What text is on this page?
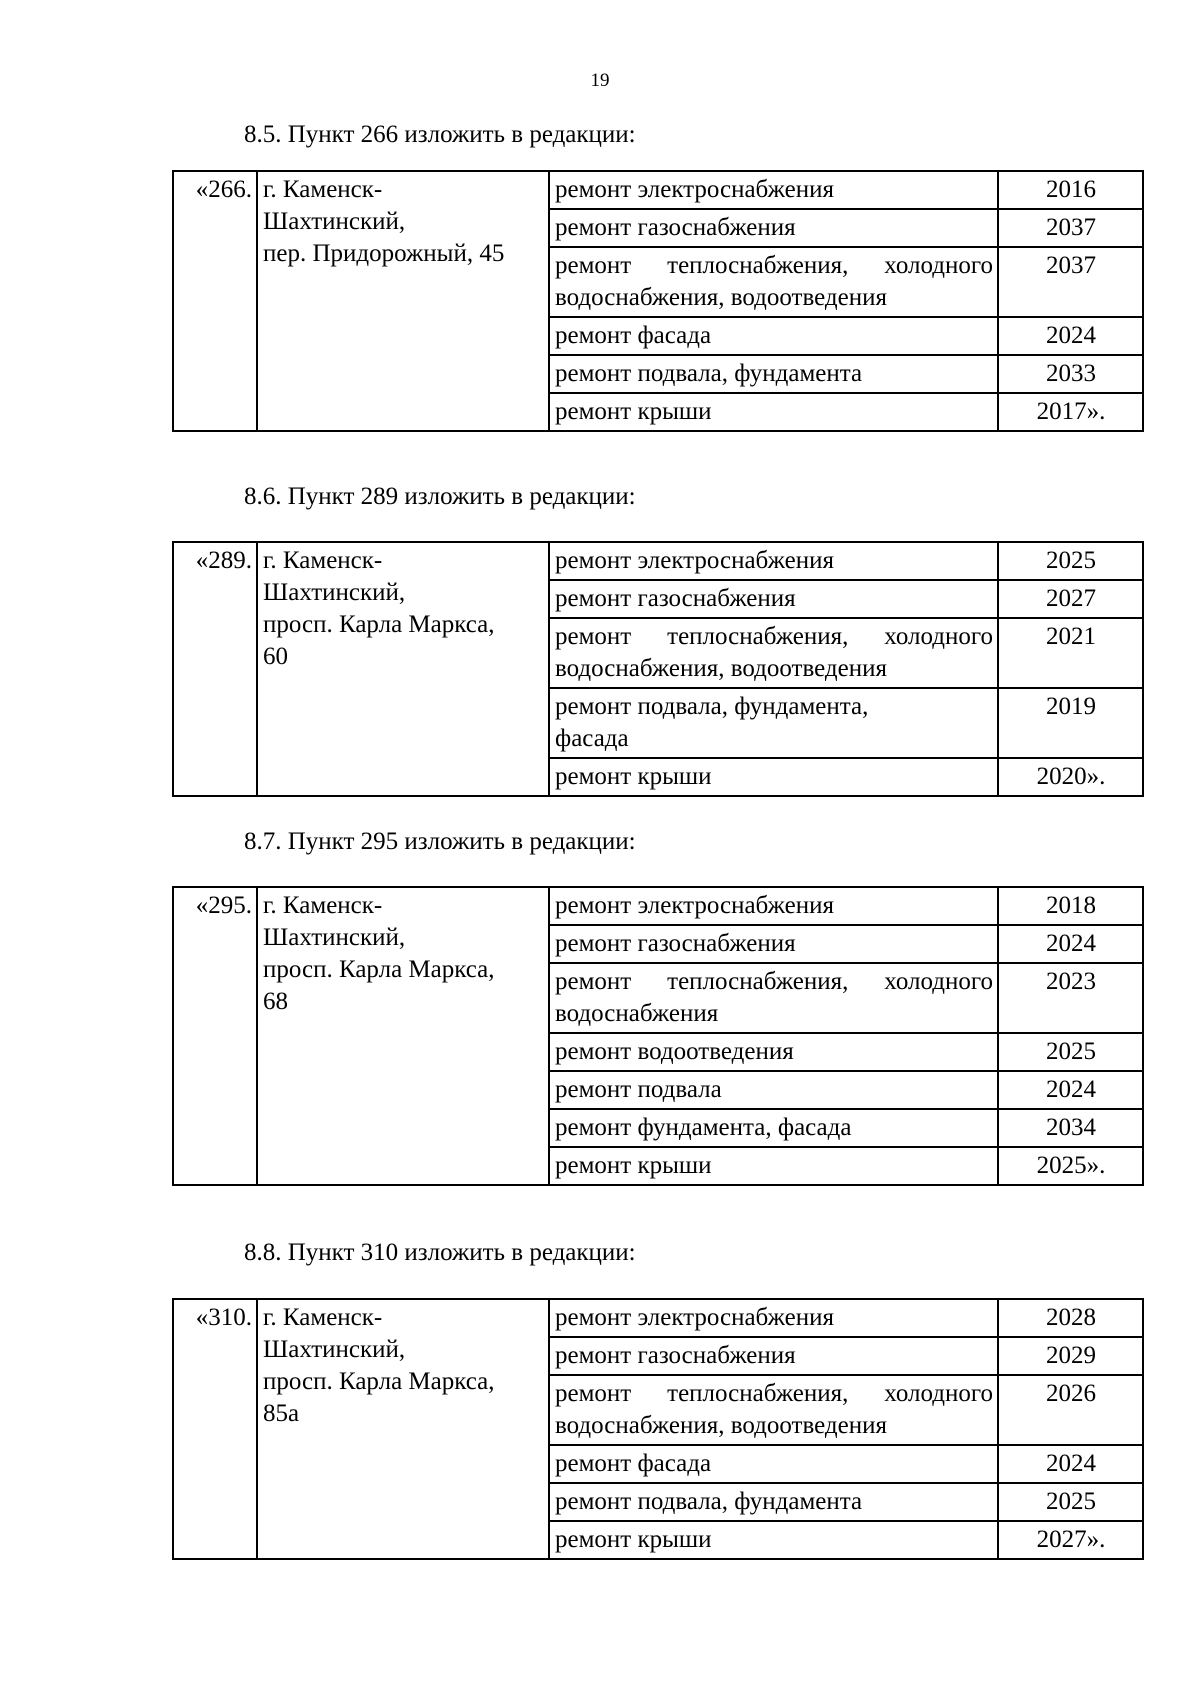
19
8.5. Пункт 266 изложить в редакции:
«266.	г. Каменск-
Шахтинский,
пер. Придорожный, 45	ремонт электроснабжения	2016
		ремонт газоснабжения	2037
		ремонт теплоснабжения, холодного водоснабжения, водоотведения	2037
		ремонт фасада	2024
		ремонт подвала, фундамента	2033
		ремонт крыши	2017».
8.6. Пункт 289 изложить в редакции:
«289.	г. Каменск-
Шахтинский,
просп. Карла Маркса,
60	ремонт электроснабжения	2025
		ремонт газоснабжения	2027
		ремонт теплоснабжения, холодного водоснабжения, водоотведения	2021
		ремонт подвала, фундамента,
фасада	2019
		ремонт крыши	2020».
8.7. Пункт 295 изложить в редакции:
«295.	г. Каменск-
Шахтинский,
просп. Карла Маркса,
68	ремонт электроснабжения	2018
		ремонт газоснабжения	2024
		ремонт теплоснабжения, холодного водоснабжения	2023
		ремонт водоотведения	2025
		ремонт подвала	2024
		ремонт фундамента, фасада	2034
		ремонт крыши	2025».
8.8. Пункт 310 изложить в редакции:
«310.	г. Каменск-
Шахтинский,
просп. Карла Маркса,
85а	ремонт электроснабжения	2028
		ремонт газоснабжения	2029
		ремонт теплоснабжения, холодного водоснабжения, водоотведения	2026
		ремонт фасада	2024
		ремонт подвала, фундамента	2025
		ремонт крыши	2027».
